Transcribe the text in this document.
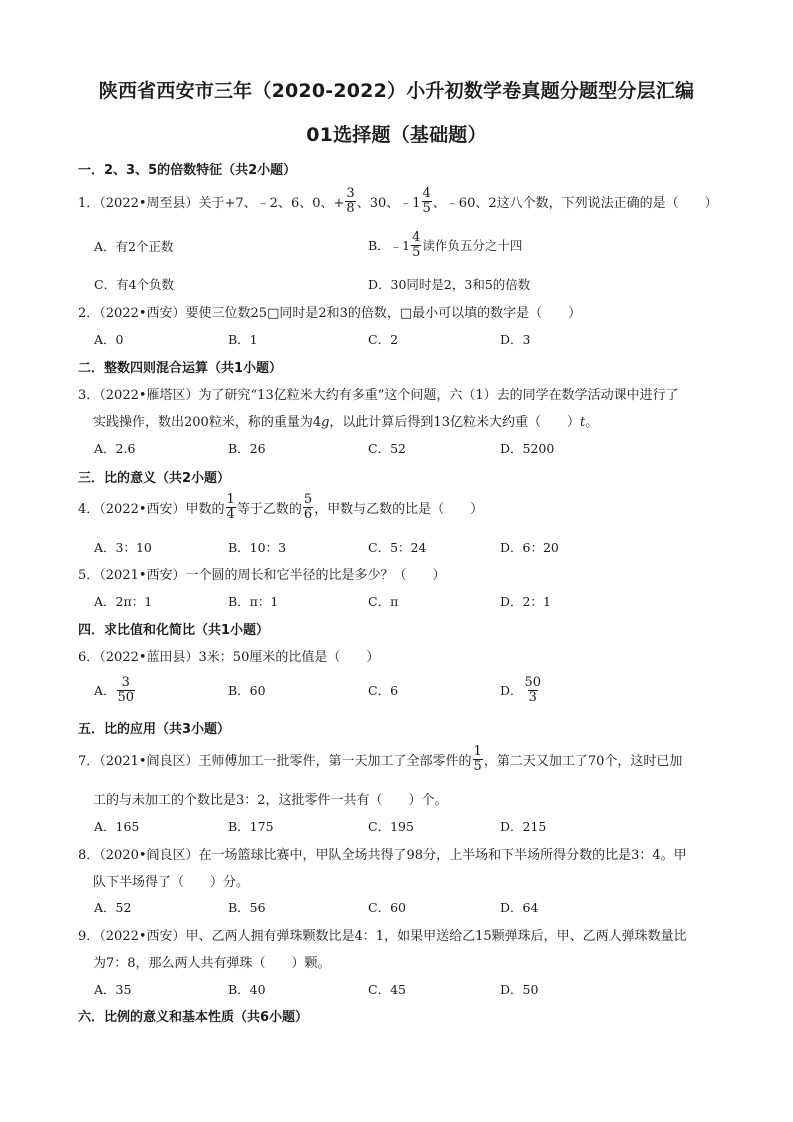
陕西省西安市三年（2020-2022）小升初数学卷真题分题型分层汇编
01选择题（基础题）
一．2、3、5的倍数特征（共2小题）
1．（2022•周至县）关于+7、﹣2、6、0、+ $\frac{3}{8}$ 、30、﹣1 $\frac{4}{5}$ 、﹣60、2这八个数，下列说法正确的是（　　）
A．有2个正数	B．﹣1 $\frac{4}{5}$ 读作负五分之十四
C．有4个负数	D．30同时是2，3和5的倍数
2．（2022•西安）要使三位数25□同时是2和3的倍数，□最小可以填的数字是（　　）
A．0	B．1	C．2	D．3
二．整数四则混合运算（共1小题）
3．（2022•雁塔区）为了研究“13亿粒米大约有多重”这个问题，六（1）去的同学在数学活动课中进行了
实践操作，数出200粒米，称的重量为4g，以此计算后得到13亿粒米大约重（　　）t。
A．2.6	B．26	C．52	D．5200
三．比的意义（共2小题）
4．（2022•西安）甲数的 $\frac{1}{4}$ 等于乙数的 $\frac{5}{6}$ ，甲数与乙数的比是（　　）
A．3：10	B．10：3	C．5：24	D．6：20
5．（2021•西安）一个圆的周长和它半径的比是多少？（　　）
A．2π：1	B．π：1	C．π	D．2：1
四．求比值和化简比（共1小题）
6．（2022•蓝田县）3米：50厘米的比值是（　　）
A． $\frac{3}{50}$	B．60	C．6	D． $\frac{50}{3}$
五．比的应用（共3小题）
7．（2021•阎良区）王师傅加工一批零件，第一天加工了全部零件的 $\frac{1}{5}$ ，第二天又加工了70个，这时已加
工的与未加工的个数比是3：2，这批零件一共有（　　）个。
A．165	B．175	C．195	D．215
8．（2020•阎良区）在一场篮球比赛中，甲队全场共得了98分，上半场和下半场所得分数的比是3：4。甲
队下半场得了（　　）分。
A．52	B．56	C．60	D．64
9．（2022•西安）甲、乙两人拥有弹珠颗数比是4：1，如果甲送给乙15颗弹珠后，甲、乙两人弹珠数量比
为7：8，那么两人共有弹珠（　　）颗。
A．35	B．40	C．45	D．50
六．比例的意义和基本性质（共6小题）
